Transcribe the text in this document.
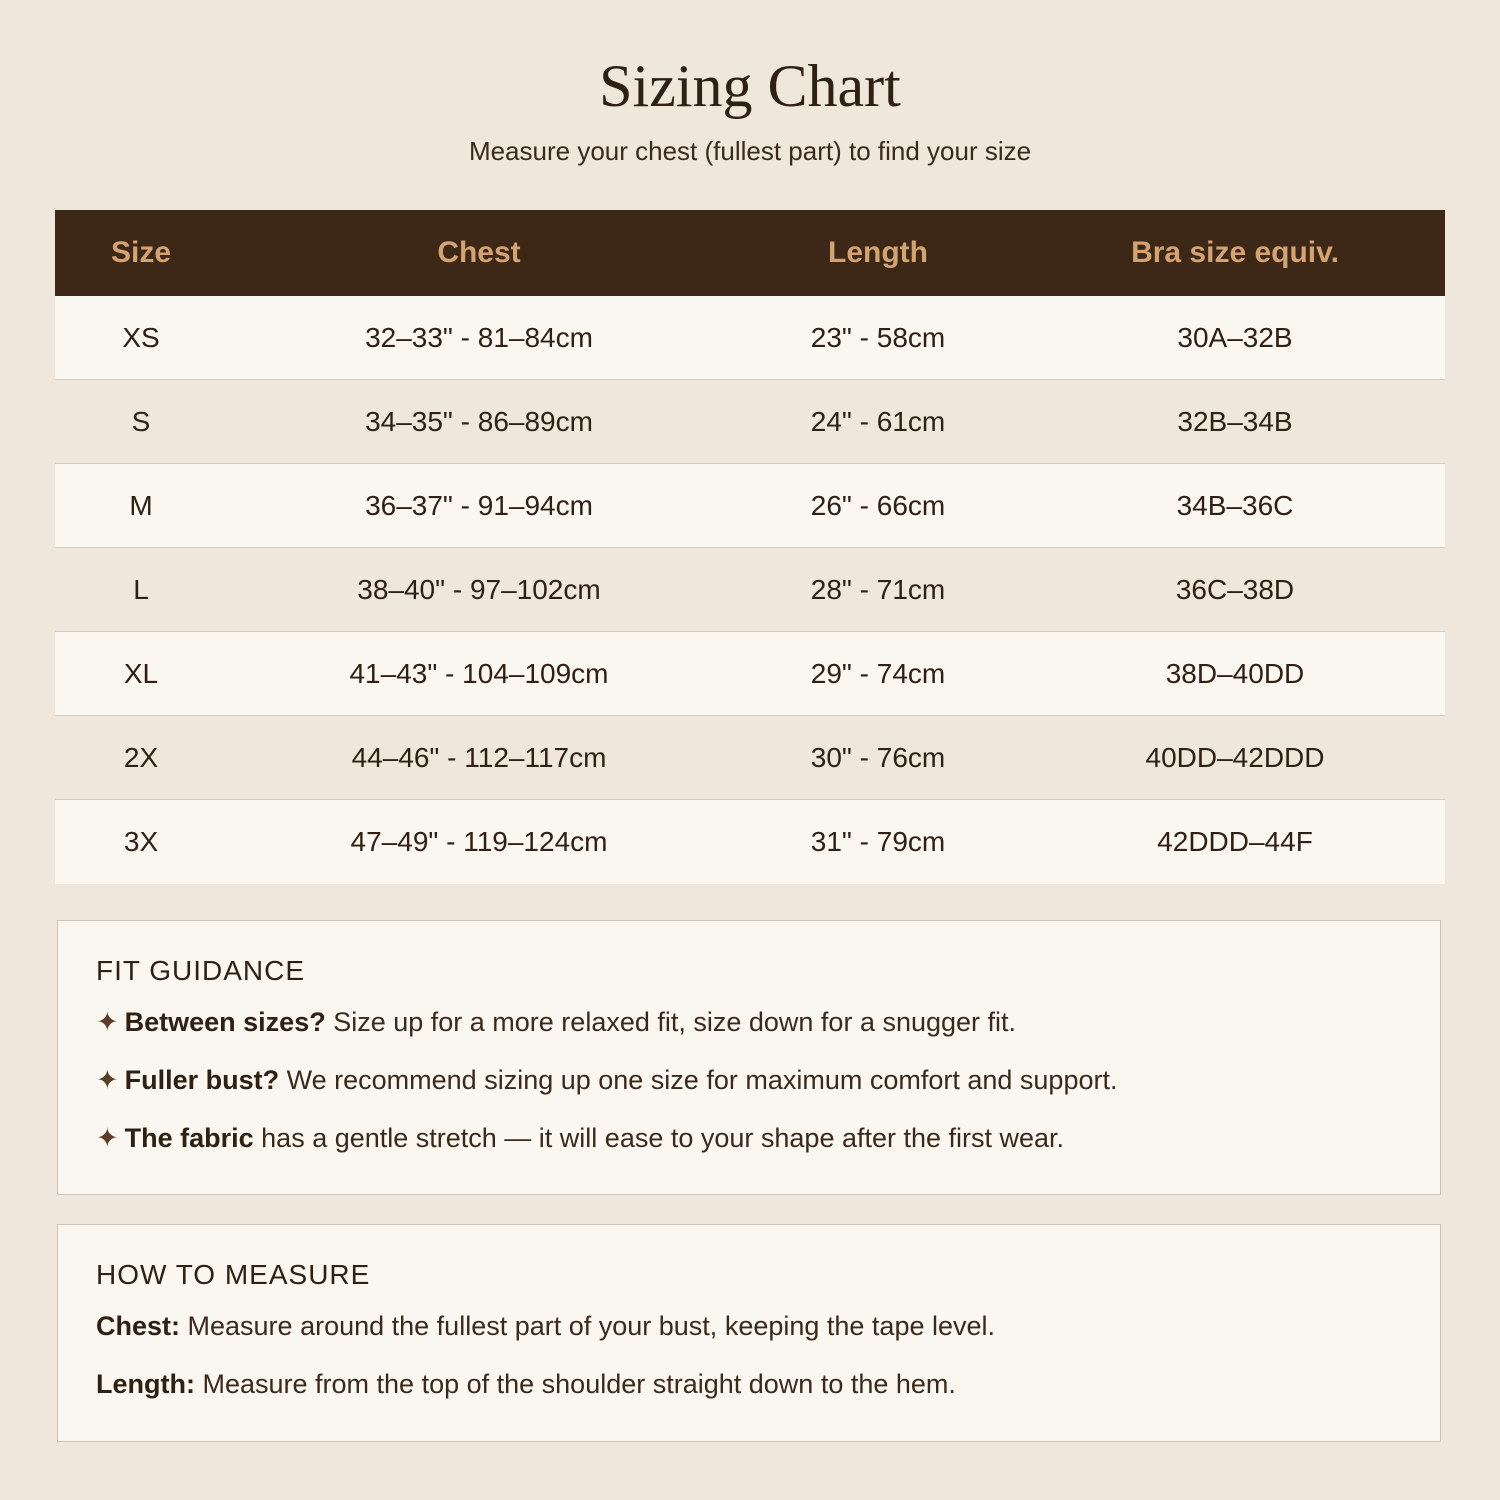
Sizing Chart
Measure your chest (fullest part) to find your size
Size	Chest	Length	Bra size equiv.
XS	32–33" - 81–84cm	23" - 58cm	30A–32B
S	34–35" - 86–89cm	24" - 61cm	32B–34B
M	36–37" - 91–94cm	26" - 66cm	34B–36C
L	38–40" - 97–102cm	28" - 71cm	36C–38D
XL	41–43" - 104–109cm	29" - 74cm	38D–40DD
2X	44–46" - 112–117cm	30" - 76cm	40DD–42DDD
3X	47–49" - 119–124cm	31" - 79cm	42DDD–44F
FIT GUIDANCE
✦ Between sizes? Size up for a more relaxed fit, size down for a snugger fit.
✦ Fuller bust? We recommend sizing up one size for maximum comfort and support.
✦ The fabric has a gentle stretch — it will ease to your shape after the first wear.
HOW TO MEASURE
Chest: Measure around the fullest part of your bust, keeping the tape level.
Length: Measure from the top of the shoulder straight down to the hem.
